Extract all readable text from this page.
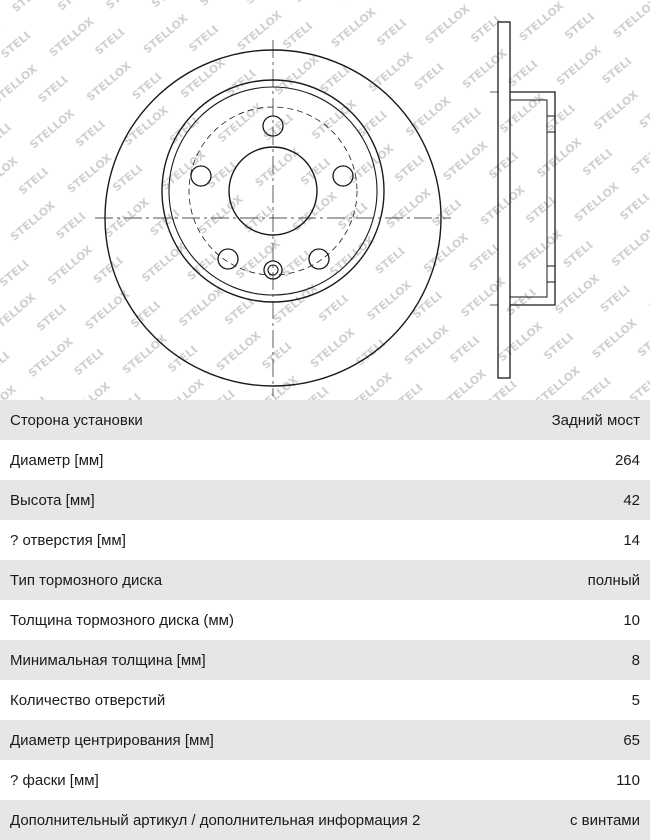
Сторона установки	Задний мост
Диаметр [мм]	264
Высота [мм]	42
? отверстия [мм]	14
Тип тормозного диска	полный
Толщина тормозного диска (мм)	10
Минимальная толщина [мм]	8
Количество отверстий	5
Диаметр центрирования [мм]	65
? фаски [мм]	110
Дополнительный артикул / дополнительная информация 2	с винтами
